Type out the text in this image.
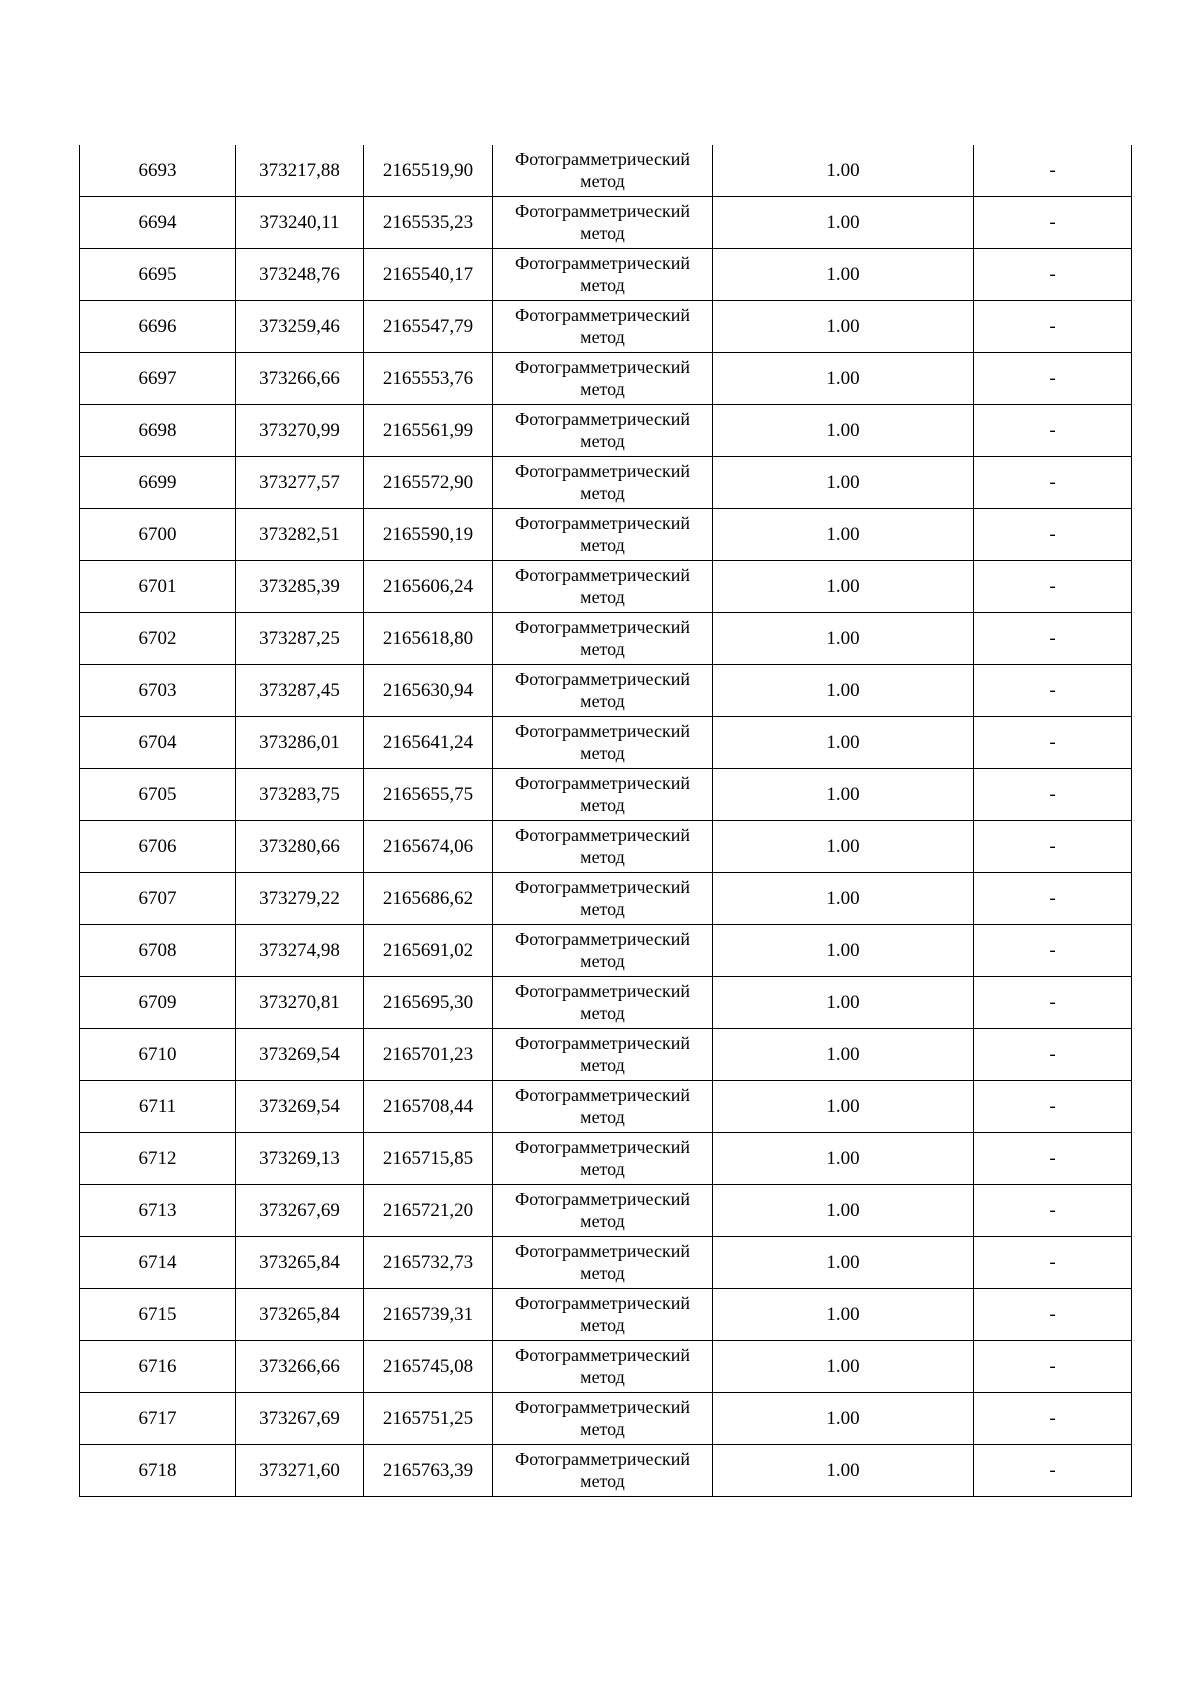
6693	373217,88	2165519,90	Фотограмметрический метод	1.00	-
6694	373240,11	2165535,23	Фотограмметрический метод	1.00	-
6695	373248,76	2165540,17	Фотограмметрический метод	1.00	-
6696	373259,46	2165547,79	Фотограмметрический метод	1.00	-
6697	373266,66	2165553,76	Фотограмметрический метод	1.00	-
6698	373270,99	2165561,99	Фотограмметрический метод	1.00	-
6699	373277,57	2165572,90	Фотограмметрический метод	1.00	-
6700	373282,51	2165590,19	Фотограмметрический метод	1.00	-
6701	373285,39	2165606,24	Фотограмметрический метод	1.00	-
6702	373287,25	2165618,80	Фотограмметрический метод	1.00	-
6703	373287,45	2165630,94	Фотограмметрический метод	1.00	-
6704	373286,01	2165641,24	Фотограмметрический метод	1.00	-
6705	373283,75	2165655,75	Фотограмметрический метод	1.00	-
6706	373280,66	2165674,06	Фотограмметрический метод	1.00	-
6707	373279,22	2165686,62	Фотограмметрический метод	1.00	-
6708	373274,98	2165691,02	Фотограмметрический метод	1.00	-
6709	373270,81	2165695,30	Фотограмметрический метод	1.00	-
6710	373269,54	2165701,23	Фотограмметрический метод	1.00	-
6711	373269,54	2165708,44	Фотограмметрический метод	1.00	-
6712	373269,13	2165715,85	Фотограмметрический метод	1.00	-
6713	373267,69	2165721,20	Фотограмметрический метод	1.00	-
6714	373265,84	2165732,73	Фотограмметрический метод	1.00	-
6715	373265,84	2165739,31	Фотограмметрический метод	1.00	-
6716	373266,66	2165745,08	Фотограмметрический метод	1.00	-
6717	373267,69	2165751,25	Фотограмметрический метод	1.00	-
6718	373271,60	2165763,39	Фотограмметрический метод	1.00	-
